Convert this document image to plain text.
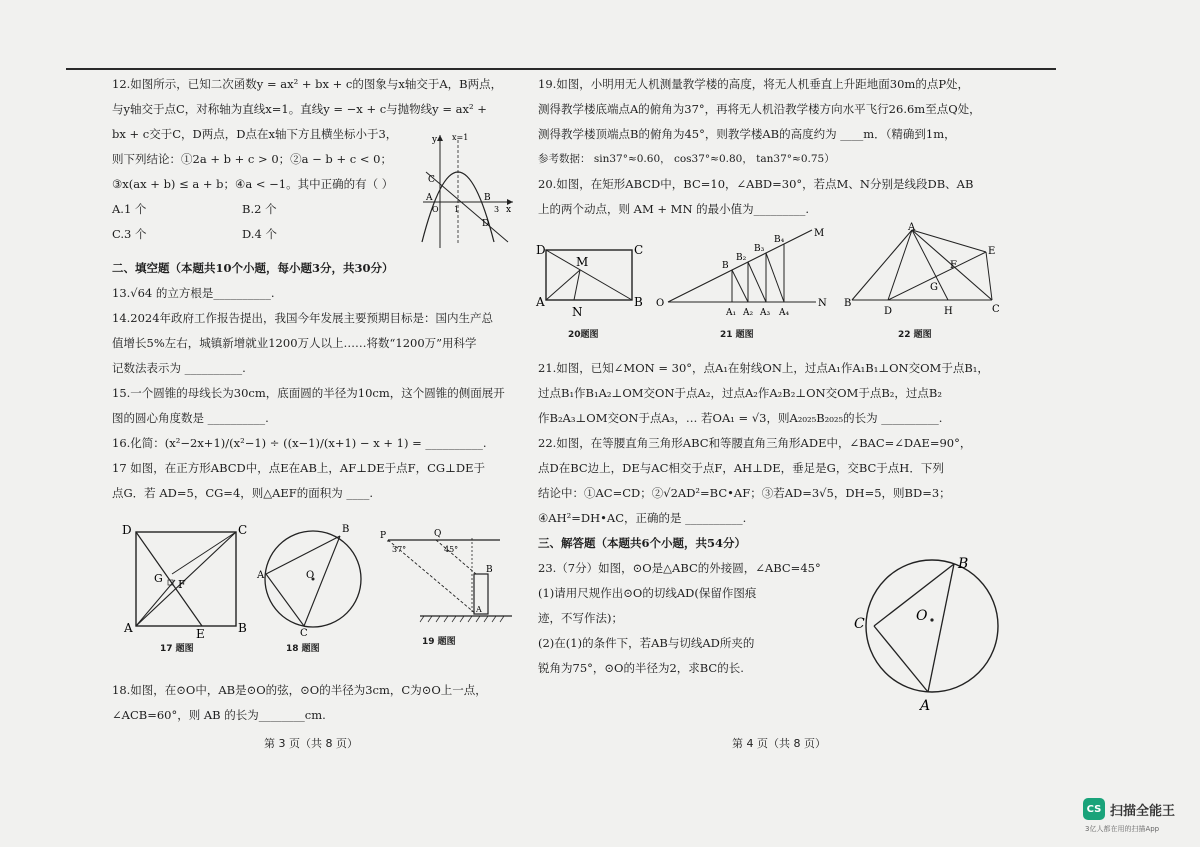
12.如图所示，已知二次函数y = ax² + bx + c的图象与x轴交于A，B两点，

与y轴交于点C，对称轴为直线x=1。直线y = −x + c与抛物线y = ax² +

bx + c交于C，D两点，D点在x轴下方且横坐标小于3，

则下列结论：①2a + b + c > 0；②a − b + c < 0；

③x(ax + b) ≤ a + b；④a < −1。其中正确的有（ ）

A.1 个	B.2 个
C.3 个	D.4 个

二、填空题（本题共10个小题，每小题3分，共30分）

13.√64 的立方根是__________.

14.2024年政府工作报告提出，我国今年发展主要预期目标是：国内生产总

值增长5%左右，城镇新增就业1200万人以上……将数“1200万”用科学

记数法表示为 __________.

15.一个圆锥的母线长为30cm，底面圆的半径为10cm，这个圆锥的侧面展开

图的圆心角度数是 __________.

16.化简：(x²−2x+1)/(x²−1) ÷ ((x−1)/(x+1) − x + 1) = __________.

17 如图，在正方形ABCD中，点E在AB上，AF⊥DE于点F，CG⊥DE于

点G．若 AD=5，CG=4，则△AEF的面积为 ____.

18.如图，在⊙O中，AB是⊙O的弦，⊙O的半径为3cm，C为⊙O上一点，

∠ACB=60°，则 AB 的长为________cm.

y x=1
A
C
O 1	3
B
x
D
D	C
A	B
E
F
G
17 题图
B
A	O
C
18 题图
P	Q
37°	45°
B
A
19 题图
第 3 页（共 8 页）

19.如图，小明用无人机测量教学楼的高度，将无人机垂直上升距地面30m的点P处，

测得教学楼底端点A的俯角为37°，再将无人机沿教学楼方向水平飞行26.6m至点Q处，

测得教学楼顶端点B的俯角为45°，则教学楼AB的高度约为 ____m．（精确到1m，

参考数据： sin37°≈0.60， cos37°≈0.80， tan37°≈0.75）

20.如图，在矩形ABCD中，BC=10，∠ABD=30°，若点M、N分别是线段DB、AB

上的两个动点，则 AM + MN 的最小值为_________.

D	C
A	B
M
N
20题图
O	N
M
B
B₂
B₃
B₄
A₁ A₂ A₃ A₄
21 题图
A
E
B
D	H	C
F
G
22 题图

21.如图，已知∠MON = 30°，点A₁在射线ON上，过点A₁作A₁B₁⊥ON交OM于点B₁，

过点B₁作B₁A₂⊥OM交ON于点A₂，过点A₂作A₂B₂⊥ON交OM于点B₂，过点B₂

作B₂A₃⊥OM交ON于点A₃，… 若OA₁ = √3，则A₂₀₂₅B₂₀₂₅的长为 __________.

22.如图，在等腰直角三角形ABC和等腰直角三角形ADE中，∠BAC=∠DAE=90°，

点D在BC边上，DE与AC相交于点F，AH⊥DE，垂足是G，交BC于点H．下列

结论中：①AC=CD；②√2AD²=BC•AF；③若AD=3√5，DH=5，则BD=3；

④AH²=DH•AC，正确的是 __________.

三、解答题（本题共6个小题，共54分）

23.（7分）如图，⊙O是△ABC的外接圆，∠ABC=45°

(1)请用尺规作出⊙O的切线AD(保留作图痕

迹，不写作法)；

(2)在(1)的条件下，若AB与切线AD所夹的

锐角为75°，⊙O的半径为2，求BC的长.

B
C	O
A
第 4 页（共 8 页）
CS 扫描全能王
3亿人都在用的扫描App
